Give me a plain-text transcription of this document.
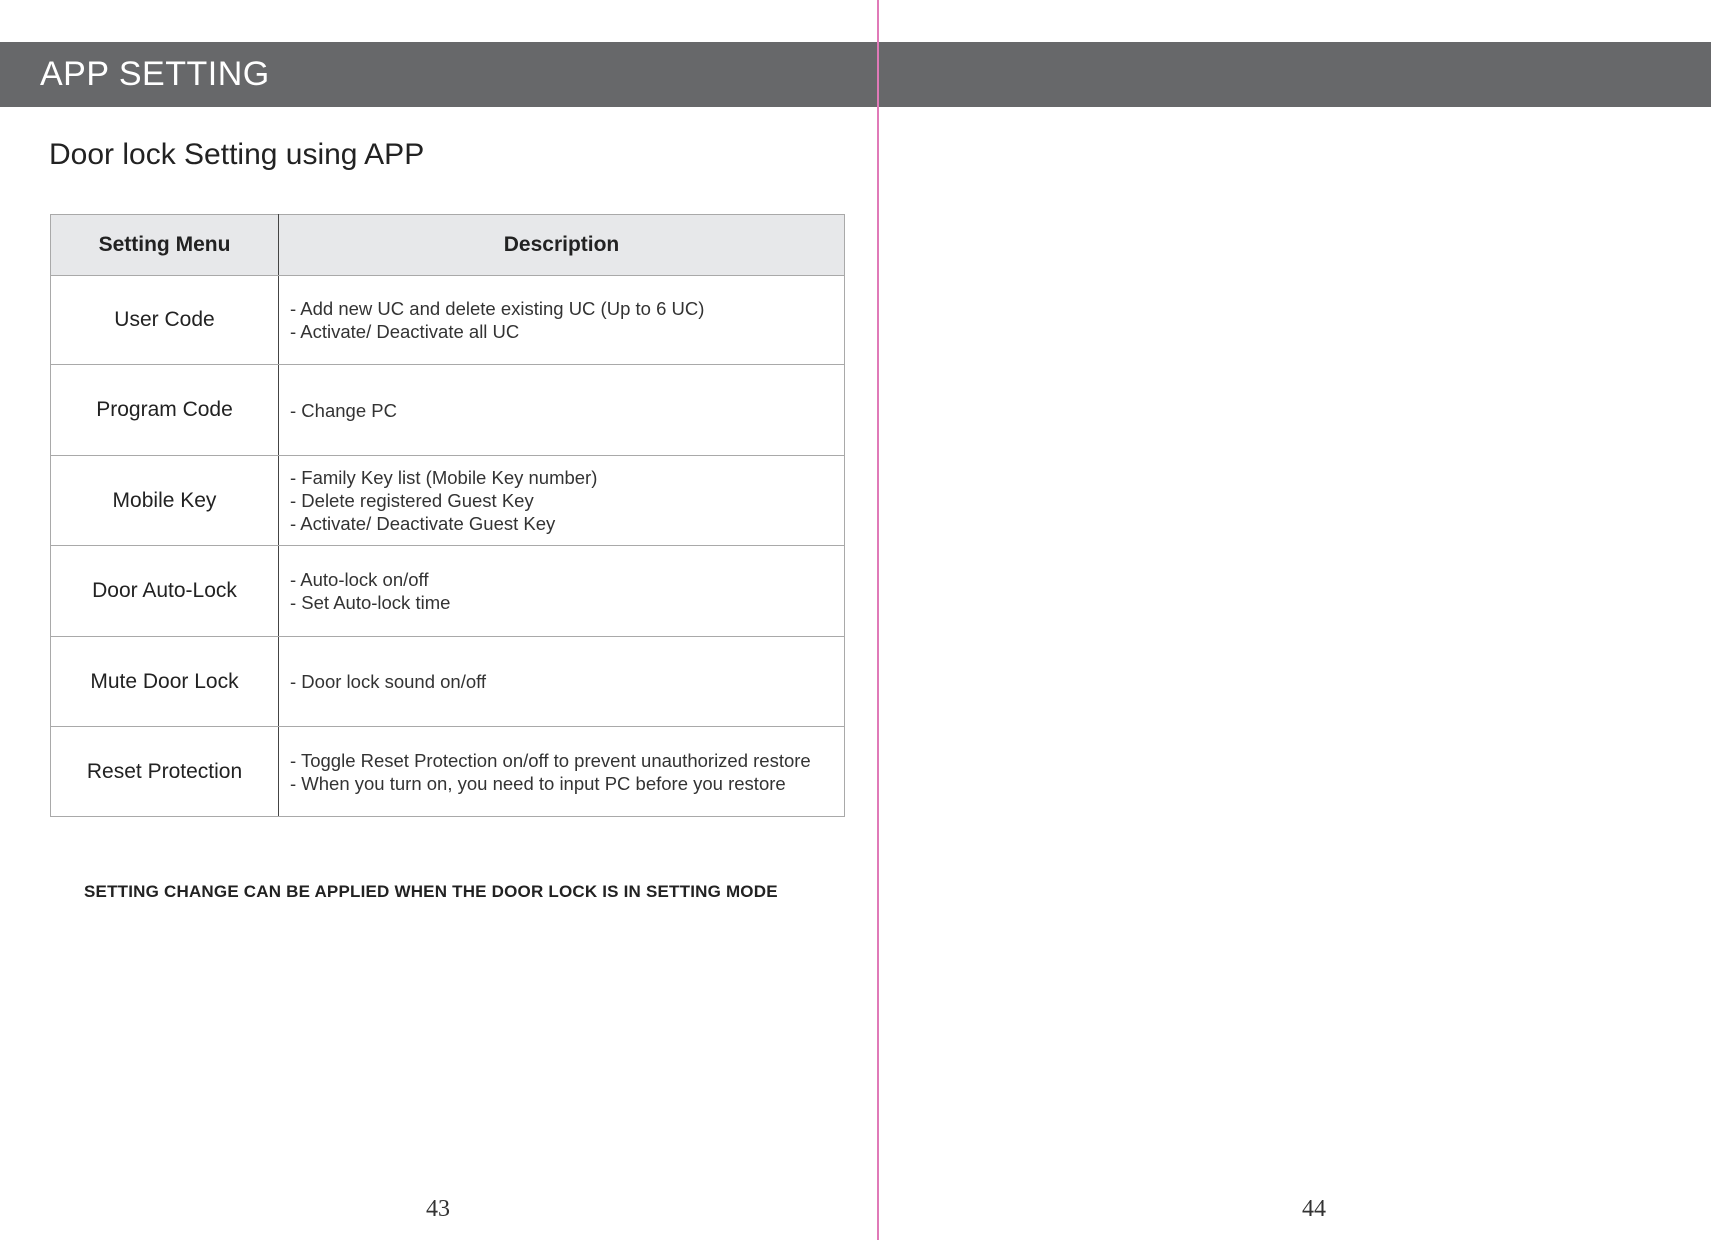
APP SETTING
Door lock Setting using APP
Setting Menu	Description
User Code	- Add new UC and delete existing UC (Up to 6 UC)
- Activate/ Deactivate all UC

Program Code	- Change PC

Mobile Key	- Family Key list (Mobile Key number)
- Delete registered Guest Key
- Activate/ Deactivate Guest Key

Door Auto-Lock	- Auto-lock on/off
- Set Auto-lock time

Mute Door Lock	- Door lock sound on/off

Reset Protection	- Toggle Reset Protection on/off to prevent unauthorized restore
- When you turn on, you need to input PC before you restore
SETTING CHANGE CAN BE APPLIED WHEN THE DOOR LOCK IS IN SETTING MODE
43	44
